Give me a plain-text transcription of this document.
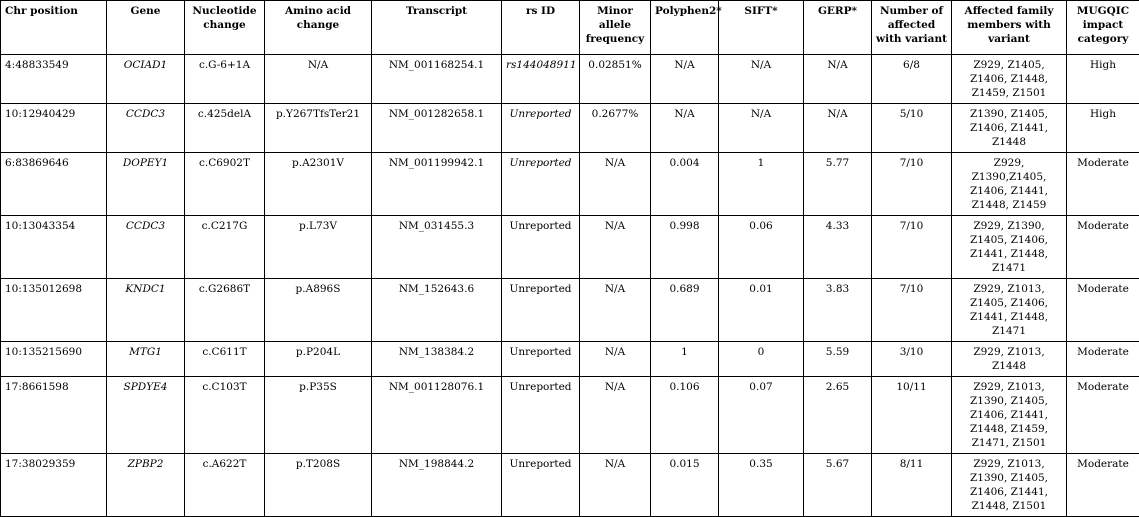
Chr position	Gene	Nucleotide change	Amino acid change	Transcript	rs ID	Minor allele frequency	Polyphen2*	SIFT*	GERP*	Number of affected with variant	Affected family members with variant	MUGQIC impact category
4:48833549	OCIAD1	c.G-6+1A	N/A	NM_001168254.1	rs144048911	0.02851%	N/A	N/A	N/A	6/8	Z929, Z1405, Z1406, Z1448, Z1459, Z1501	High
10:12940429	CCDC3	c.425delA	p.Y267TfsTer21	NM_001282658.1	Unreported	0.2677%	N/A	N/A	N/A	5/10	Z1390, Z1405, Z1406, Z1441, Z1448	High
6:83869646	DOPEY1	c.C6902T	p.A2301V	NM_001199942.1	Unreported	N/A	0.004	1	5.77	7/10	Z929, Z1390,Z1405, Z1406, Z1441, Z1448, Z1459	Moderate
10:13043354	CCDC3	c.C217G	p.L73V	NM_031455.3	Unreported	N/A	0.998	0.06	4.33	7/10	Z929, Z1390, Z1405, Z1406, Z1441, Z1448, Z1471	Moderate
10:135012698	KNDC1	c.G2686T	p.A896S	NM_152643.6	Unreported	N/A	0.689	0.01	3.83	7/10	Z929, Z1013, Z1405, Z1406, Z1441, Z1448, Z1471	Moderate
10:135215690	MTG1	c.C611T	p.P204L	NM_138384.2	Unreported	N/A	1	0	5.59	3/10	Z929, Z1013, Z1448	Moderate
17:8661598	SPDYE4	c.C103T	p.P35S	NM_001128076.1	Unreported	N/A	0.106	0.07	2.65	10/11	Z929, Z1013, Z1390, Z1405, Z1406, Z1441, Z1448, Z1459, Z1471, Z1501	Moderate
17:38029359	ZPBP2	c.A622T	p.T208S	NM_198844.2	Unreported	N/A	0.015	0.35	5.67	8/11	Z929, Z1013, Z1390, Z1405, Z1406, Z1441, Z1448, Z1501	Moderate
